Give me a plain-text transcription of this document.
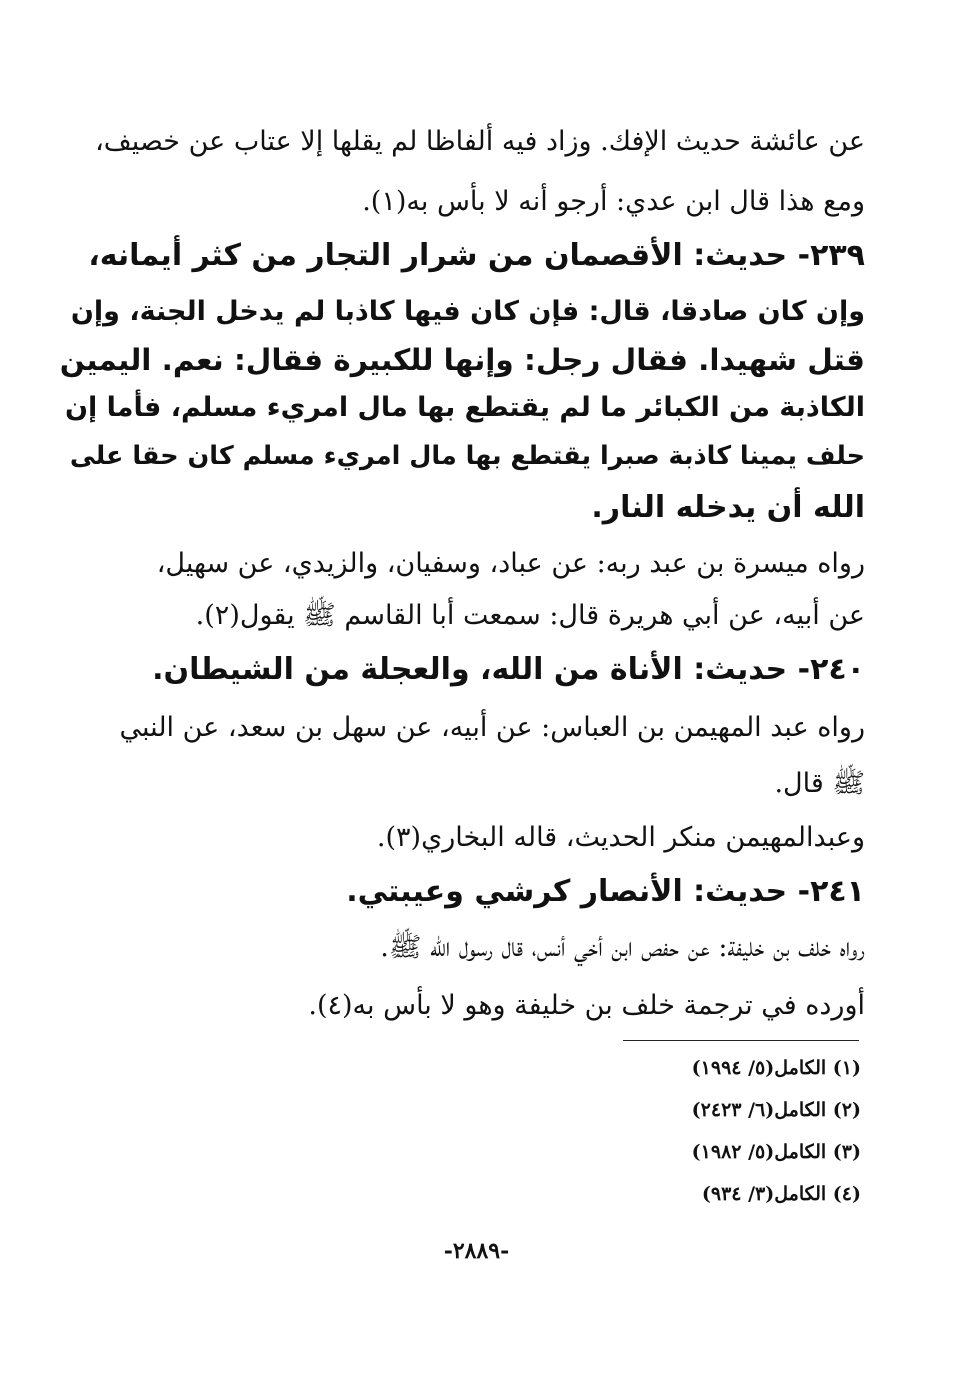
عن عائشة حديث الإفك. وزاد فيه ألفاظا لم يقلها إلا عتاب عن خصيف،
ومع هذا قال ابن عدي: أرجو أنه لا بأس به(١).
٢٣٩- حديث: الأقصمان من شرار التجار من كثر أيمانه،
وإن كان صادقا، قال: فإن كان فيها كاذبا لم يدخل الجنة، وإن
قتل شهيدا. فقال رجل: وإنها للكبيرة فقال: نعم. اليمين
الكاذبة من الكبائر ما لم يقتطع بها مال امريء مسلم، فأما إن
حلف يمينا كاذبة صبرا يقتطع بها مال امريء مسلم كان حقا على
الله أن يدخله النار.
رواه ميسرة بن عبد ربه: عن عباد، وسفيان، والزيدي، عن سهيل،
عن أبيه، عن أبي هريرة قال: سمعت أبا القاسم ﷺ يقول(٢).
٢٤٠- حديث: الأناة من الله، والعجلة من الشيطان.
رواه عبد المهيمن بن العباس: عن أبيه، عن سهل بن سعد، عن النبي
ﷺ قال.
وعبدالمهيمن منكر الحديث، قاله البخاري(٣).
٢٤١- حديث: الأنصار كرشي وعيبتي.
رواه خلف بن خليفة: عن حفص ابن أخي أنس، قال رسول الله ﷺ.
أورده في ترجمة خلف بن خليفة وهو لا بأس به(٤).
(١) الكامل(٥/ ١٩٩٤)
(٢) الكامل(٦/ ٢٤٢٣)
(٣) الكامل(٥/ ١٩٨٢)
(٤) الكامل(٣/ ٩٣٤)
-٢٨٨٩-
